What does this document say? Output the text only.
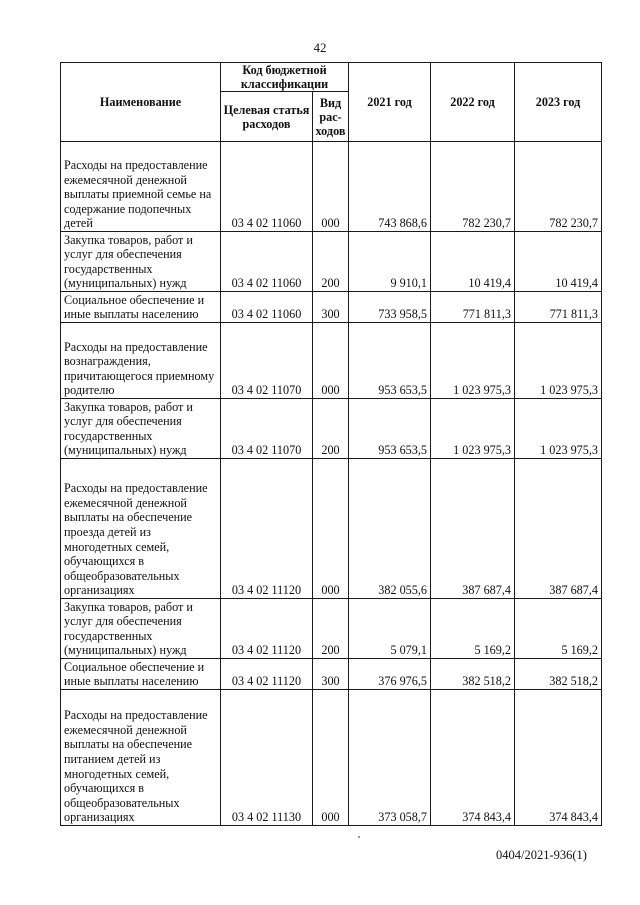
42
Наименование	Код бюджетной классификации		2021 год	2022 год	2023 год
	Целевая статья расходов	Вид рас-ходов			
Расходы на предоставление ежемесячной денежной выплаты приемной семье на содержание подопечных детей	03 4 02 11060	000	743 868,6	782 230,7	782 230,7
Закупка товаров, работ и услуг для обеспечения государственных (муниципальных) нужд	03 4 02 11060	200	9 910,1	10 419,4	10 419,4
Социальное обеспечение и иные выплаты населению	03 4 02 11060	300	733 958,5	771 811,3	771 811,3
Расходы на предоставление вознаграждения, причитающегося приемному родителю	03 4 02 11070	000	953 653,5	1 023 975,3	1 023 975,3
Закупка товаров, работ и услуг для обеспечения государственных (муниципальных) нужд	03 4 02 11070	200	953 653,5	1 023 975,3	1 023 975,3
Расходы на предоставление ежемесячной денежной выплаты на обеспечение проезда детей из многодетных семей, обучающихся в общеобразовательных организациях	03 4 02 11120	000	382 055,6	387 687,4	387 687,4
Закупка товаров, работ и услуг для обеспечения государственных (муниципальных) нужд	03 4 02 11120	200	5 079,1	5 169,2	5 169,2
Социальное обеспечение и иные выплаты населению	03 4 02 11120	300	376 976,5	382 518,2	382 518,2
Расходы на предоставление ежемесячной денежной выплаты на обеспечение питанием детей из многодетных семей, обучающихся в общеобразовательных организациях	03 4 02 11130	000	373 058,7	374 843,4	374 843,4
0404/2021-936(1)
